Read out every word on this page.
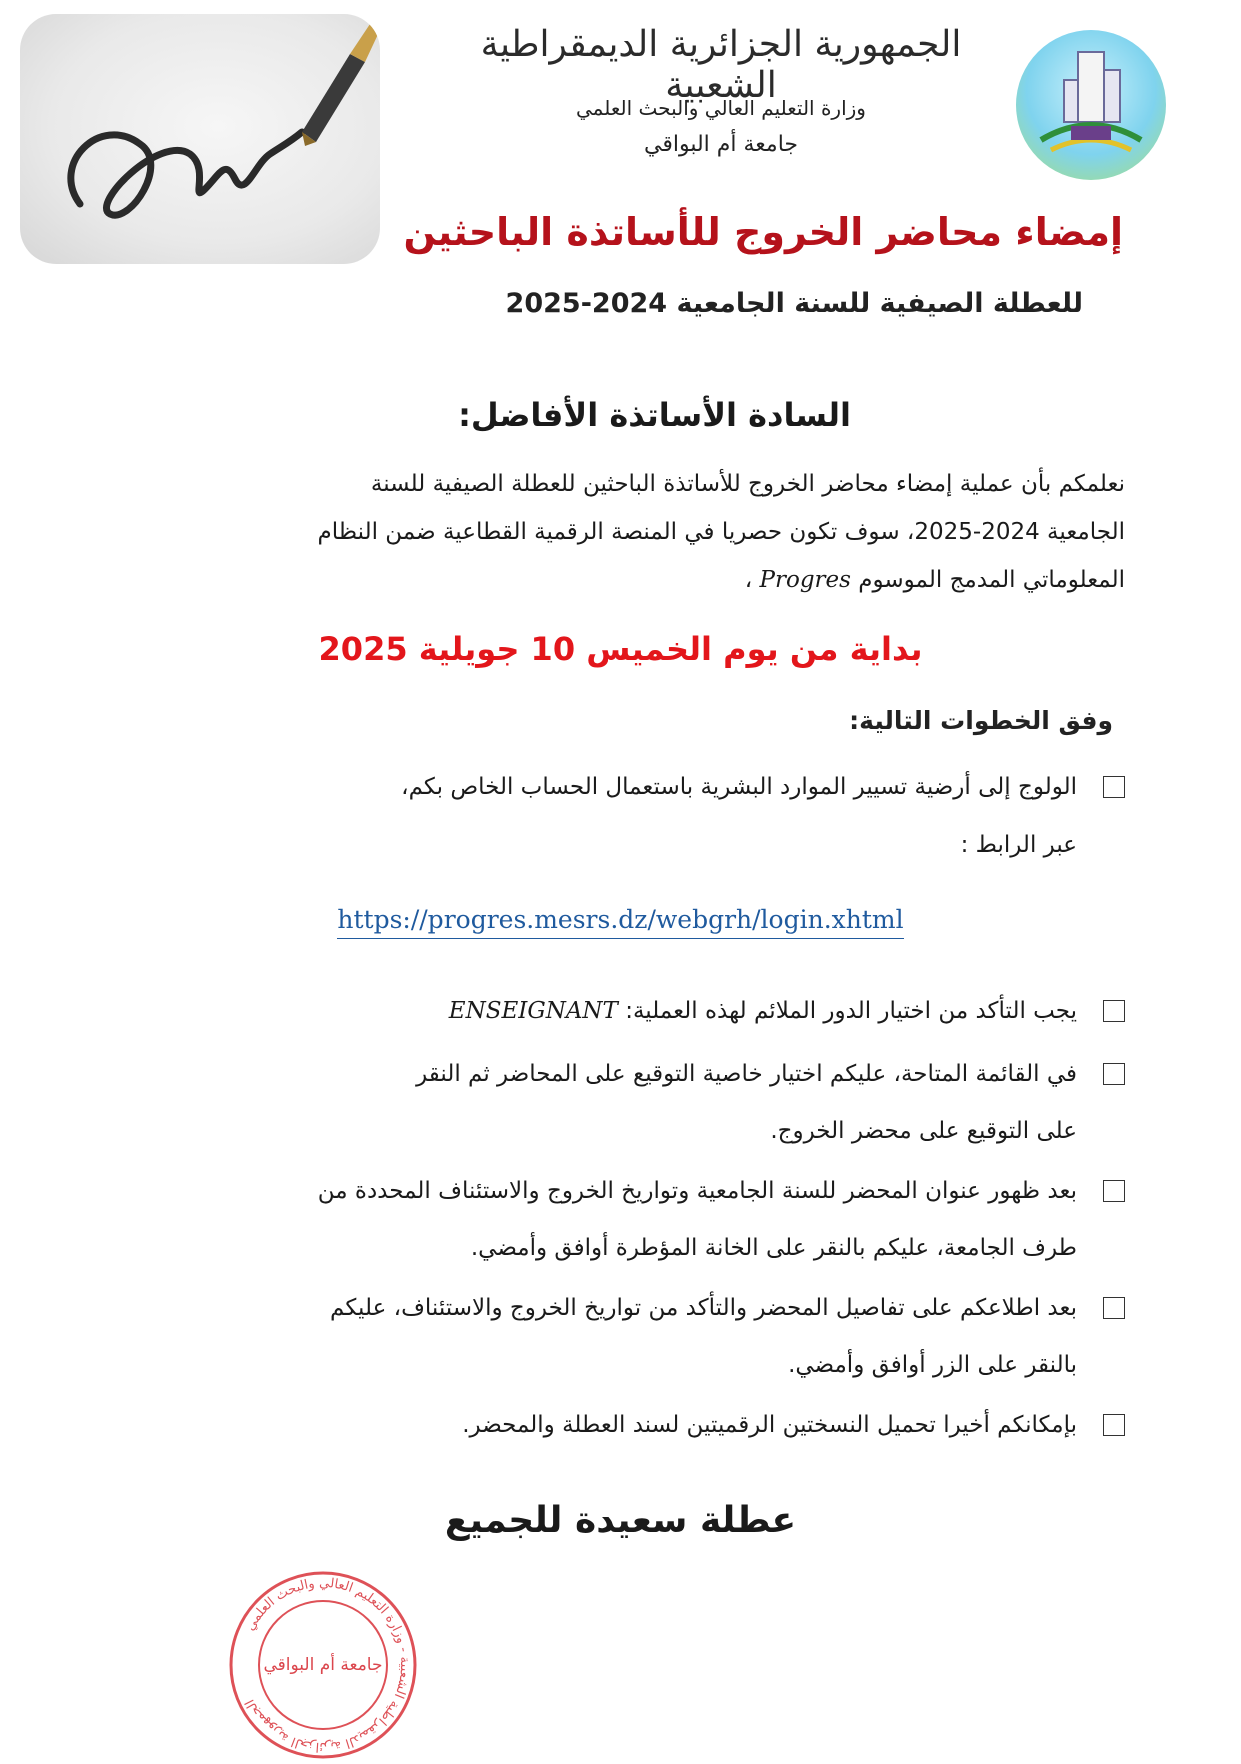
الجمهورية الجزائرية الديمقراطية الشعبية
وزارة التعليم العالي والبحث العلمي
جامعة أم البواقي
إمضاء محاضر الخروج للأساتذة الباحثين
للعطلة الصيفية للسنة الجامعية 2024-2025
السادة الأساتذة الأفاضل:
نعلمكم بأن عملية إمضاء محاضر الخروج للأساتذة الباحثين للعطلة الصيفية للسنة
الجامعية 2024-2025، سوف تكون حصريا في المنصة الرقمية القطاعية ضمن النظام
المعلوماتي المدمج الموسوم Progres ،
بداية من يوم الخميس 10 جويلية 2025
وفق الخطوات التالية:
الولوج إلى أرضية تسيير الموارد البشرية باستعمال الحساب الخاص بكم،
عبر الرابط :
https://progres.mesrs.dz/webgrh/login.xhtml
يجب التأكد من اختيار الدور الملائم لهذه العملية: ENSEIGNANT
في القائمة المتاحة، عليكم اختيار خاصية التوقيع على المحاضر ثم النقر
على التوقيع على محضر الخروج.
بعد ظهور عنوان المحضر للسنة الجامعية وتواريخ الخروج والاستئناف المحددة من
طرف الجامعة، عليكم بالنقر على الخانة المؤطرة أوافق وأمضي.
بعد اطلاعكم على تفاصيل المحضر والتأكد من تواريخ الخروج والاستئناف، عليكم
بالنقر على الزر أوافق وأمضي.
بإمكانكم أخيرا تحميل النسختين الرقميتين لسند العطلة والمحضر.
عطلة سعيدة للجميع
الجمهورية الجزائرية الديمقراطية الشعبية - وزارة التعليم العالي والبحث العلمي
جامعة أم البواقي
